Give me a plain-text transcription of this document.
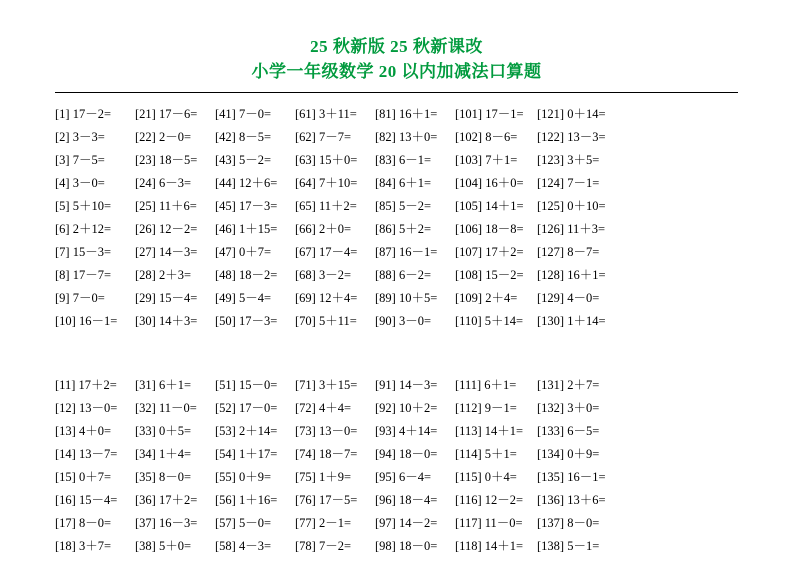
25 秋新版 25 秋新课改
小学一年级数学 20 以内加减法口算题
[1] 17－2=
[2] 3－3=
[3] 7－5=
[4] 3－0=
[5] 5＋10=
[6] 2＋12=
[7] 15－3=
[8] 17－7=
[9] 7－0=
[10] 16－1=
[21] 17－6=
[22] 2－0=
[23] 18－5=
[24] 6－3=
[25] 11＋6=
[26] 12－2=
[27] 14－3=
[28] 2＋3=
[29] 15－4=
[30] 14＋3=
[41] 7－0=
[42] 8－5=
[43] 5－2=
[44] 12＋6=
[45] 17－3=
[46] 1＋15=
[47] 0＋7=
[48] 18－2=
[49] 5－4=
[50] 17－3=
[61] 3＋11=
[62] 7－7=
[63] 15＋0=
[64] 7＋10=
[65] 11＋2=
[66] 2＋0=
[67] 17－4=
[68] 3－2=
[69] 12＋4=
[70] 5＋11=
[81] 16＋1=
[82] 13＋0=
[83] 6－1=
[84] 6＋1=
[85] 5－2=
[86] 5＋2=
[87] 16－1=
[88] 6－2=
[89] 10＋5=
[90] 3－0=
[101] 17－1=
[102] 8－6=
[103] 7＋1=
[104] 16＋0=
[105] 14＋1=
[106] 18－8=
[107] 17＋2=
[108] 15－2=
[109] 2＋4=
[110] 5＋14=
[121] 0＋14=
[122] 13－3=
[123] 3＋5=
[124] 7－1=
[125] 0＋10=
[126] 11＋3=
[127] 8－7=
[128] 16＋1=
[129] 4－0=
[130] 1＋14=
[11] 17＋2=
[12] 13－0=
[13] 4＋0=
[14] 13－7=
[15] 0＋7=
[16] 15－4=
[17] 8－0=
[18] 3＋7=
[31] 6＋1=
[32] 11－0=
[33] 0＋5=
[34] 1＋4=
[35] 8－0=
[36] 17＋2=
[37] 16－3=
[38] 5＋0=
[51] 15－0=
[52] 17－0=
[53] 2＋14=
[54] 1＋17=
[55] 0＋9=
[56] 1＋16=
[57] 5－0=
[58] 4－3=
[71] 3＋15=
[72] 4＋4=
[73] 13－0=
[74] 18－7=
[75] 1＋9=
[76] 17－5=
[77] 2－1=
[78] 7－2=
[91] 14－3=
[92] 10＋2=
[93] 4＋14=
[94] 18－0=
[95] 6－4=
[96] 18－4=
[97] 14－2=
[98] 18－0=
[111] 6＋1=
[112] 9－1=
[113] 14＋1=
[114] 5＋1=
[115] 0＋4=
[116] 12－2=
[117] 11－0=
[118] 14＋1=
[131] 2＋7=
[132] 3＋0=
[133] 6－5=
[134] 0＋9=
[135] 16－1=
[136] 13＋6=
[137] 8－0=
[138] 5－1=
